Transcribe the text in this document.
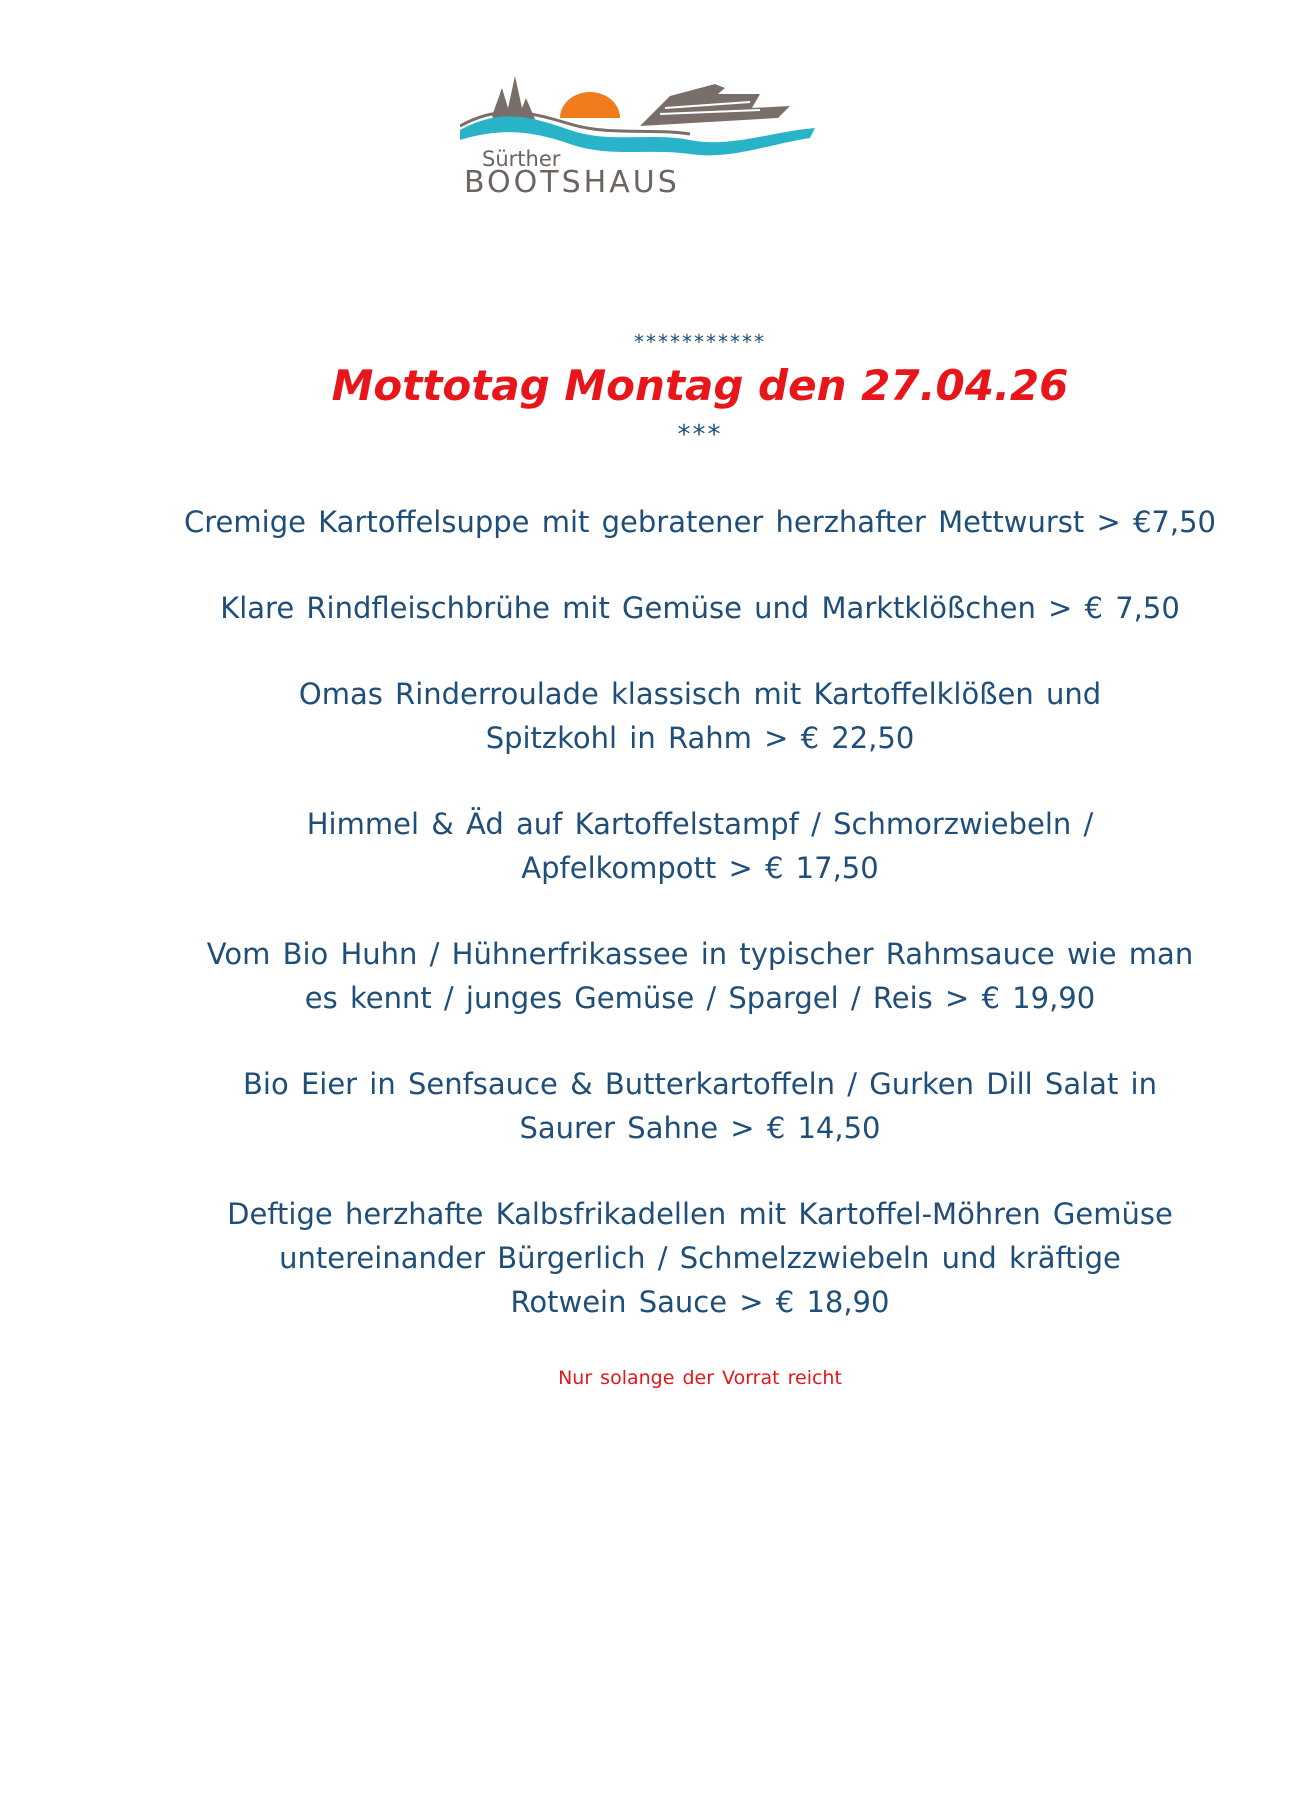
Sürther
BOOTSHAUS

***********

Mottotag Montag den 27.04.26

***

Cremige Kartoffelsuppe mit gebratener herzhafter Mettwurst > €7,50
Klare Rindfleischbrühe mit Gemüse und Marktklößchen > € 7,50
Omas Rinderroulade klassisch mit Kartoffelklößen und
Spitzkohl in Rahm > € 22,50
Himmel & Äd auf Kartoffelstampf / Schmorzwiebeln /
Apfelkompott > € 17,50
Vom Bio Huhn / Hühnerfrikassee in typischer Rahmsauce wie man
es kennt / junges Gemüse / Spargel / Reis > € 19,90
Bio Eier in Senfsauce & Butterkartoffeln / Gurken Dill Salat in
Saurer Sahne > € 14,50
Deftige herzhafte Kalbsfrikadellen mit Kartoffel-Möhren Gemüse
untereinander Bürgerlich / Schmelzzwiebeln und kräftige
Rotwein Sauce > € 18,90

Nur solange der Vorrat reicht
